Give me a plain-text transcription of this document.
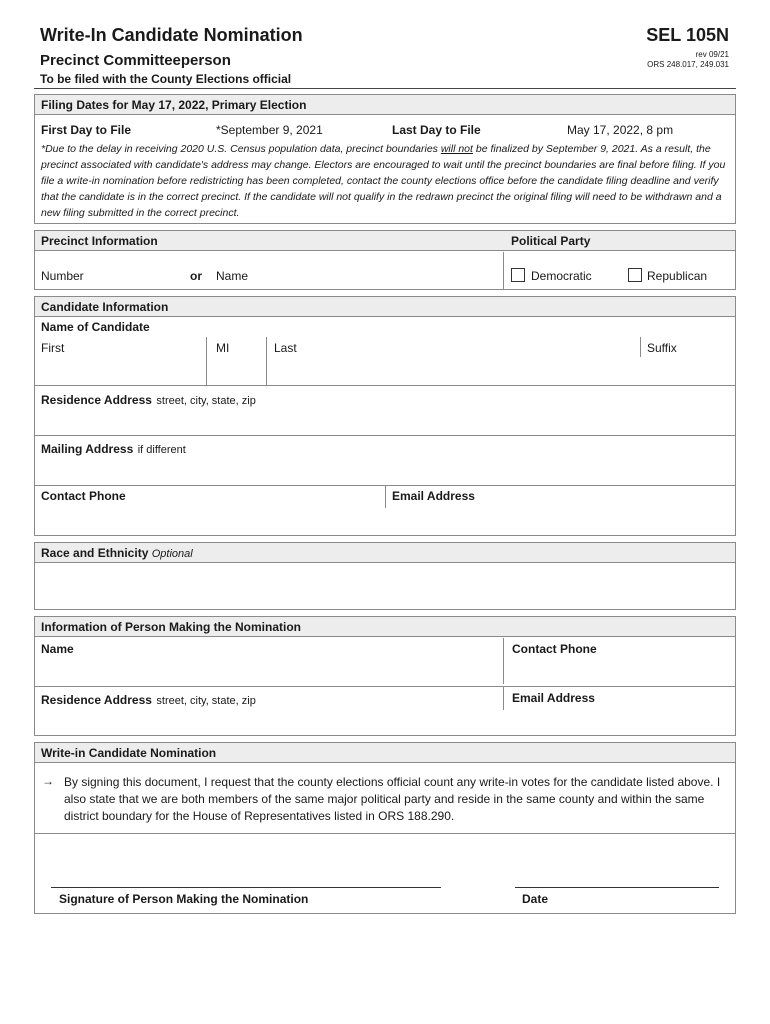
Write-In Candidate Nomination
Precinct Committeeperson
To be filed with the County Elections official
SEL 105N
rev 09/21
ORS 248.017, 249.031
Filing Dates for May 17, 2022, Primary Election
First Day to File	*September 9, 2021	Last Day to File	May 17, 2022, 8 pm
*Due to the delay in receiving 2020 U.S. Census population data, precinct boundaries will not be finalized by September 9, 2021. As a result, the precinct associated with candidate's address may change. Electors are encouraged to wait until the precinct boundaries are final before filing. If you file a write-in nomination before redistricting has been completed, contact the county elections office before the candidate filing deadline and verify that the candidate is in the correct precinct. If the candidate will not qualify in the redrawn precinct the original filing will need to be withdrawn and a new filing submitted in the correct precinct.
Precinct Information	Political Party
Number	or Name	Democratic	Republican
Candidate Information
Name of Candidate
First	MI	Last	Suffix
Residence Address street, city, state, zip
Mailing Address if different
Contact Phone	Email Address
Race and Ethnicity Optional
Information of Person Making the Nomination
Name	Contact Phone
Residence Address street, city, state, zip	Email Address
Write-in Candidate Nomination
→ By signing this document, I request that the county elections official count any write-in votes for the candidate listed above. I also state that we are both members of the same major political party and reside in the same county and within the same district boundary for the House of Representatives listed in ORS 188.290.
Signature of Person Making the Nomination	Date
